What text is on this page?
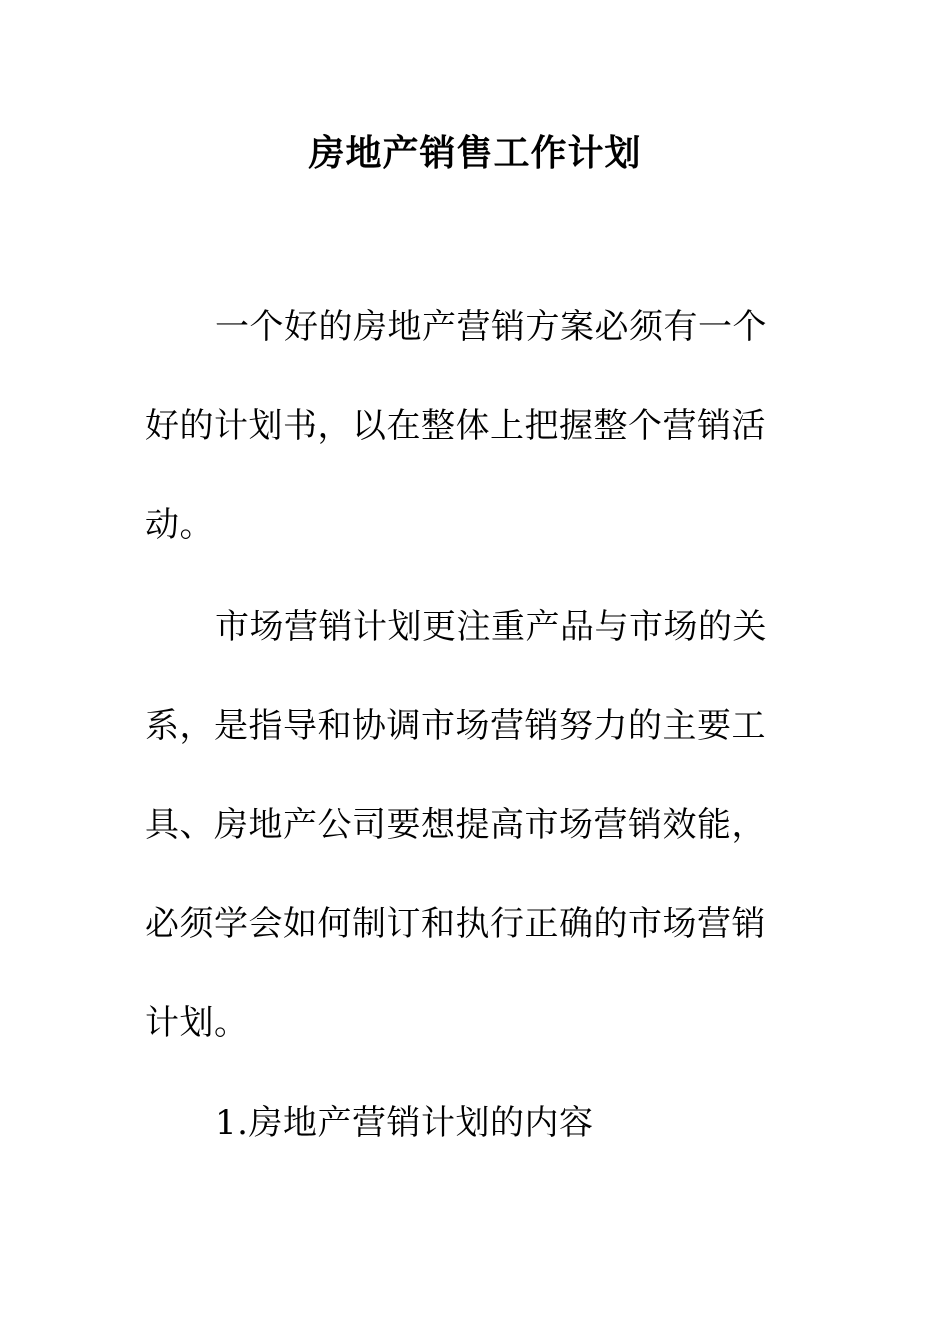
房地产销售工作计划

一个好的房地产营销方案必须有一个好的计划书，以在整体上把握整个营销活动。

市场营销计划更注重产品与市场的关系，是指导和协调市场营销努力的主要工具、房地产公司要想提高市场营销效能，必须学会如何制订和执行正确的市场营销计划。

1.房地产营销计划的内容
